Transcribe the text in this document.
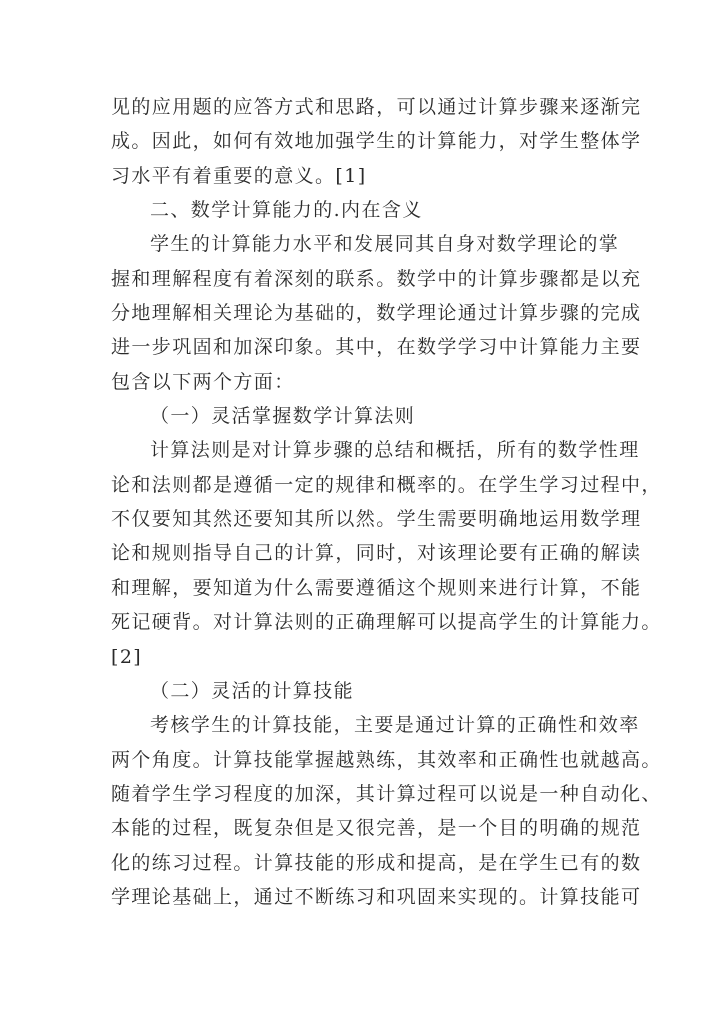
见的应用题的应答方式和思路，可以通过计算步骤来逐渐完
成。因此，如何有效地加强学生的计算能力，对学生整体学
习水平有着重要的意义。[1]
二、数学计算能力的.内在含义
学生的计算能力水平和发展同其自身对数学理论的掌
握和理解程度有着深刻的联系。数学中的计算步骤都是以充
分地理解相关理论为基础的，数学理论通过计算步骤的完成
进一步巩固和加深印象。其中，在数学学习中计算能力主要
包含以下两个方面：
（一）灵活掌握数学计算法则
计算法则是对计算步骤的总结和概括，所有的数学性理
论和法则都是遵循一定的规律和概率的。在学生学习过程中，
不仅要知其然还要知其所以然。学生需要明确地运用数学理
论和规则指导自己的计算，同时，对该理论要有正确的解读
和理解，要知道为什么需要遵循这个规则来进行计算，不能
死记硬背。对计算法则的正确理解可以提高学生的计算能力。
[2]
（二）灵活的计算技能
考核学生的计算技能，主要是通过计算的正确性和效率
两个角度。计算技能掌握越熟练，其效率和正确性也就越高。
随着学生学习程度的加深，其计算过程可以说是一种自动化、
本能的过程，既复杂但是又很完善，是一个目的明确的规范
化的练习过程。计算技能的形成和提高，是在学生已有的数
学理论基础上，通过不断练习和巩固来实现的。计算技能可
